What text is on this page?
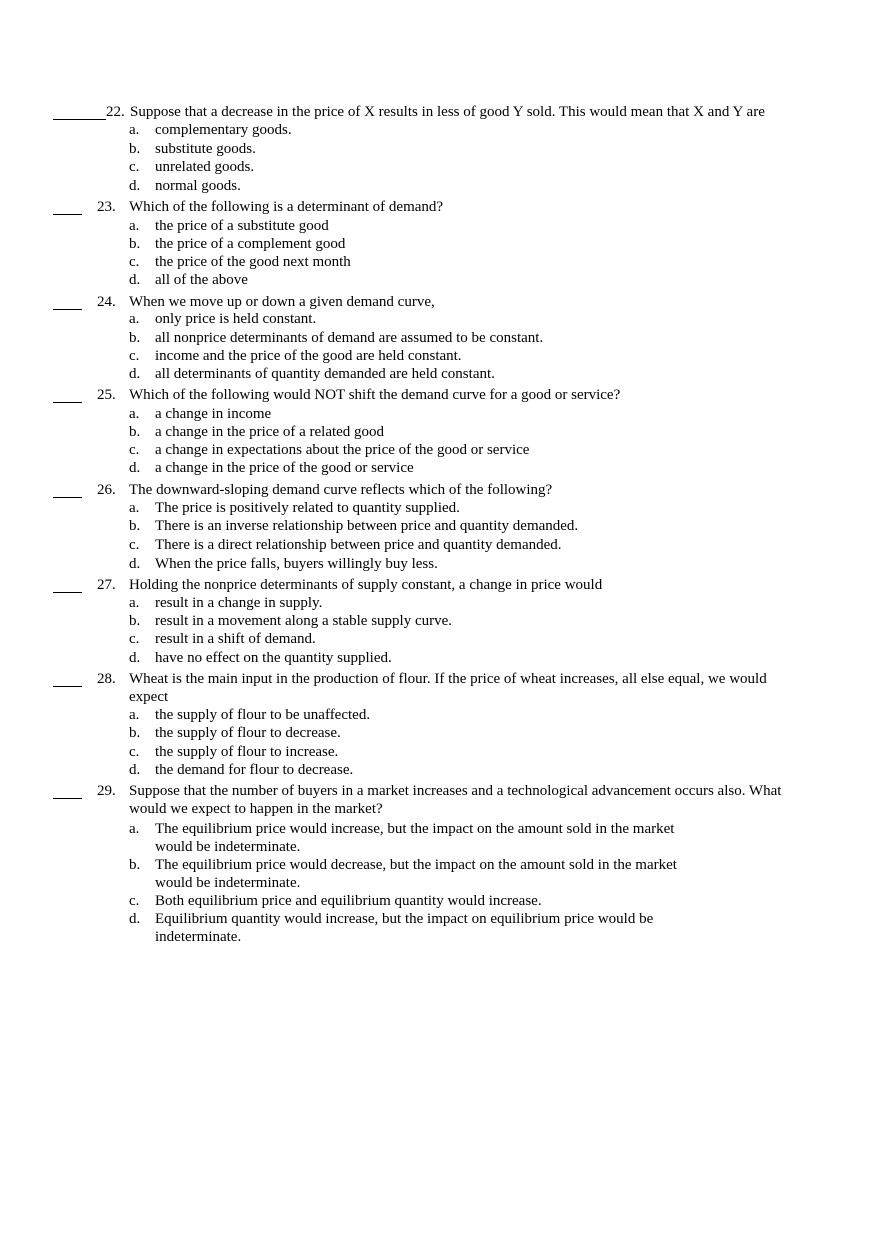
22. Suppose that a decrease in the price of X results in less of good Y sold. This would mean that X and Y are
a. complementary goods.
b. substitute goods.
c. unrelated goods.
d. normal goods.
23. Which of the following is a determinant of demand?
a. the price of a substitute good
b. the price of a complement good
c. the price of the good next month
d. all of the above
24. When we move up or down a given demand curve,
a. only price is held constant.
b. all nonprice determinants of demand are assumed to be constant.
c. income and the price of the good are held constant.
d. all determinants of quantity demanded are held constant.
25. Which of the following would NOT shift the demand curve for a good or service?
a. a change in income
b. a change in the price of a related good
c. a change in expectations about the price of the good or service
d. a change in the price of the good or service
26. The downward-sloping demand curve reflects which of the following?
a. The price is positively related to quantity supplied.
b. There is an inverse relationship between price and quantity demanded.
c. There is a direct relationship between price and quantity demanded.
d. When the price falls, buyers willingly buy less.
27. Holding the nonprice determinants of supply constant, a change in price would
a. result in a change in supply.
b. result in a movement along a stable supply curve.
c. result in a shift of demand.
d. have no effect on the quantity supplied.
28. Wheat is the main input in the production of flour. If the price of wheat increases, all else equal, we would
expect
a. the supply of flour to be unaffected.
b. the supply of flour to decrease.
c. the supply of flour to increase.
d. the demand for flour to decrease.
29. Suppose that the number of buyers in a market increases and a technological advancement occurs also. What
would we expect to happen in the market?
a. The equilibrium price would increase, but the impact on the amount sold in the market
would be indeterminate.
b. The equilibrium price would decrease, but the impact on the amount sold in the market
would be indeterminate.
c. Both equilibrium price and equilibrium quantity would increase.
d. Equilibrium quantity would increase, but the impact on equilibrium price would be
indeterminate.
